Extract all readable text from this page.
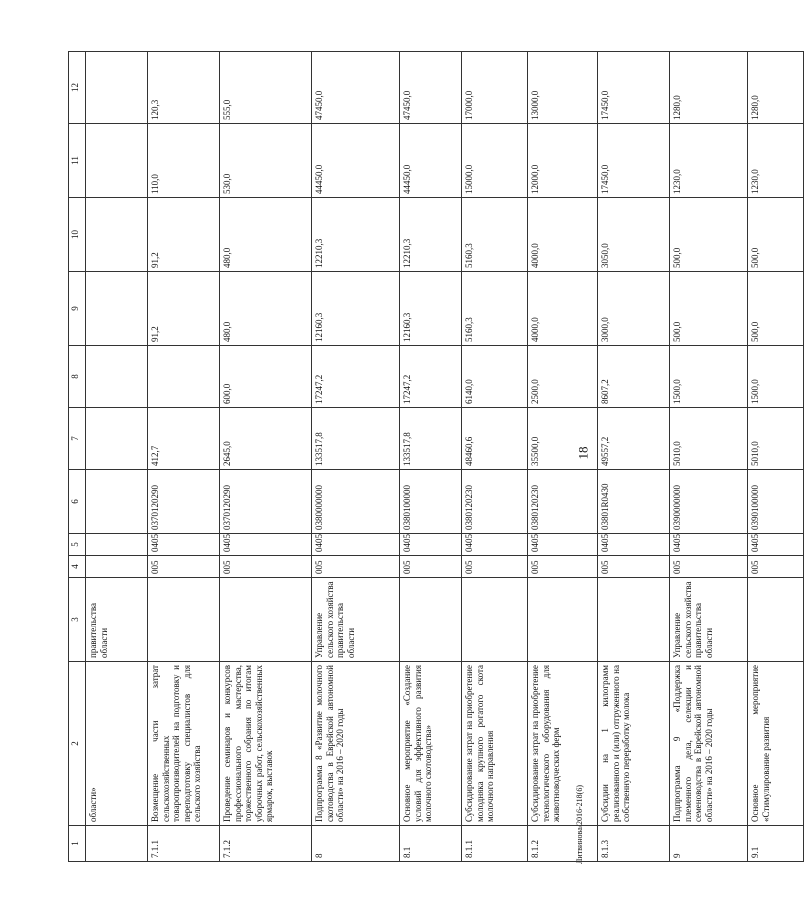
18
Литвинова/2016-218(6)
1	2	3	4	5	6	7	8	9	10	11	12
	области»	правительства области									
7.1.1	Возмещение части затрат сельскохозяйственных товаропроизводителей на подготовку и переподготовку специалистов для сельского хозяйства		005	0405	0370120290	412,7		91,2	91,2	110,0	120,3
7.1.2	Проведение семинаров и конкурсов профессионального мастерства, торжественного собрания по итогам уборочных работ, сельскохозяйственных ярмарок, выставок		005	0405	0370120290	2645,0	600,0	480,0	480,0	530,0	555,0
8	Подпрограмма 8 «Развитие молочного скотоводства в Еврейской автономной области» на 2016 – 2020 годы	Управление сельского хозяйства правительства области	005	0405	0380000000	133517,8	17247,2	12160,3	12210,3	44450,0	47450,0
8.1	Основное мероприятие «Создание условий для эффективного развития молочного скотоводства»		005	0405	0380100000	133517,8	17247,2	12160,3	12210,3	44450,0	47450,0
8.1.1	Субсидирование затрат на приобретение молодняка крупного рогатого скота молочного направления		005	0405	0380120230	48460,6	6140,0	5160,3	5160,3	15000,0	17000,0
8.1.2	Субсидирование затрат на приобретение технологического оборудования для животноводческих ферм		005	0405	0380120230	35500,0	2500,0	4000,0	4000,0	12000,0	13000,0
8.1.3	Субсидии на 1 килограмм реализованного и (или) отгруженного на собственную переработку молока		005	0405	03801R0430	49557,2	8607,2	3000,0	3050,0	17450,0	17450,0
9	Подпрограмма 9 «Поддержка племенного дела, селекции и семеноводства в Еврейской автономной области» на 2016 – 2020 годы	Управление сельского хозяйства правительства области	005	0405	0390000000	5010,0	1500,0	500,0	500,0	1230,0	1280,0
9.1	Основное мероприятие «Стимулирование развития		005	0405	0390100000	5010,0	1500,0	500,0	500,0	1230,0	1280,0
